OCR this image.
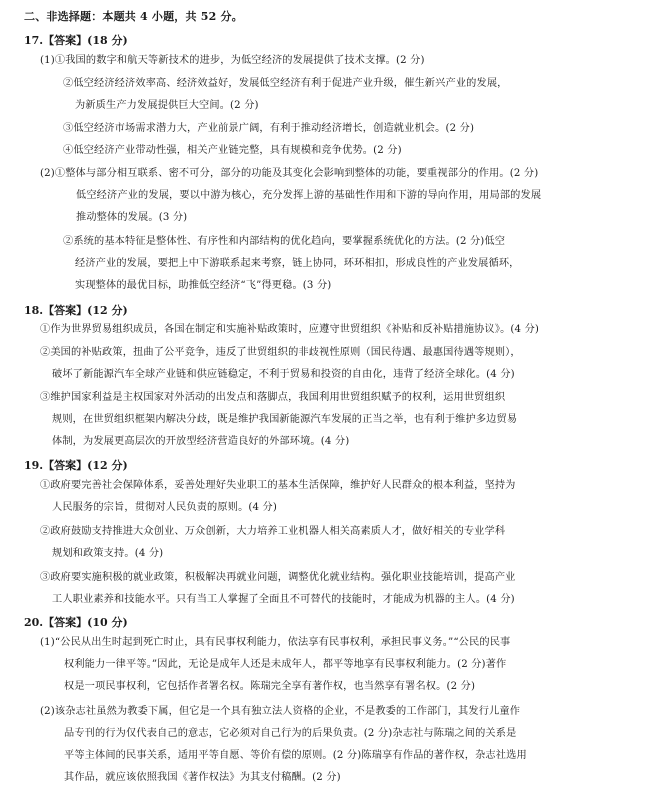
二、非选择题：本题共 4 小题，共 52 分。
17.【答案】(18 分)
(1)①我国的数字和航天等新技术的进步，为低空经济的发展提供了技术支撑。(2 分)
②低空经济经济效率高、经济效益好，发展低空经济有利于促进产业升级，催生新兴产业的发展，
为新质生产力发展提供巨大空间。(2 分)
③低空经济市场需求潜力大，产业前景广阔，有利于推动经济增长，创造就业机会。(2 分)
④低空经济产业带动性强，相关产业链完整，具有规模和竞争优势。(2 分)
(2)①整体与部分相互联系、密不可分，部分的功能及其变化会影响到整体的功能，要重视部分的作用。(2 分)
低空经济产业的发展，要以中游为核心，充分发挥上游的基础性作用和下游的导向作用，用局部的发展
推动整体的发展。(3 分)
②系统的基本特征是整体性、有序性和内部结构的优化趋向，要掌握系统优化的方法。(2 分)低空
经济产业的发展，要把上中下游联系起来考察，链上协同，环环相扣，形成良性的产业发展循环，
实现整体的最优目标，助推低空经济“飞”得更稳。(3 分)
18.【答案】(12 分)
①作为世界贸易组织成员，各国在制定和实施补贴政策时，应遵守世贸组织《补贴和反补贴措施协议》。(4 分)
②美国的补贴政策，扭曲了公平竞争，违反了世贸组织的非歧视性原则（国民待遇、最惠国待遇等规则），
破坏了新能源汽车全球产业链和供应链稳定，不利于贸易和投资的自由化，违背了经济全球化。(4 分)
③维护国家利益是主权国家对外活动的出发点和落脚点，我国利用世贸组织赋予的权利，运用世贸组织
规则，在世贸组织框架内解决分歧，既是维护我国新能源汽车发展的正当之举，也有利于维护多边贸易
体制，为发展更高层次的开放型经济营造良好的外部环境。(4 分)
19.【答案】(12 分)
①政府要完善社会保障体系，妥善处理好失业职工的基本生活保障，维护好人民群众的根本利益，坚持为
人民服务的宗旨，贯彻对人民负责的原则。(4 分)
②政府鼓励支持推进大众创业、万众创新，大力培养工业机器人相关高素质人才，做好相关的专业学科
规划和政策支持。(4 分)
③政府要实施积极的就业政策，积极解决再就业问题，调整优化就业结构。强化职业技能培训，提高产业
工人职业素养和技能水平。只有当工人掌握了全面且不可替代的技能时，才能成为机器的主人。(4 分)
20.【答案】(10 分)
(1)“公民从出生时起到死亡时止，具有民事权利能力，依法享有民事权利，承担民事义务。”“公民的民事
权利能力一律平等。”因此，无论是成年人还是未成年人，都平等地享有民事权利能力。(2 分)著作
权是一项民事权利，它包括作者署名权。陈瑞完全享有著作权，也当然享有署名权。(2 分)
(2)该杂志社虽然为教委下属，但它是一个具有独立法人资格的企业，不是教委的工作部门，其发行儿童作
品专刊的行为仅代表自己的意志，它必须对自己行为的后果负责。(2 分)杂志社与陈瑞之间的关系是
平等主体间的民事关系，适用平等自愿、等价有偿的原则。(2 分)陈瑞享有作品的著作权，杂志社选用
其作品，就应该依照我国《著作权法》为其支付稿酬。(2 分)
